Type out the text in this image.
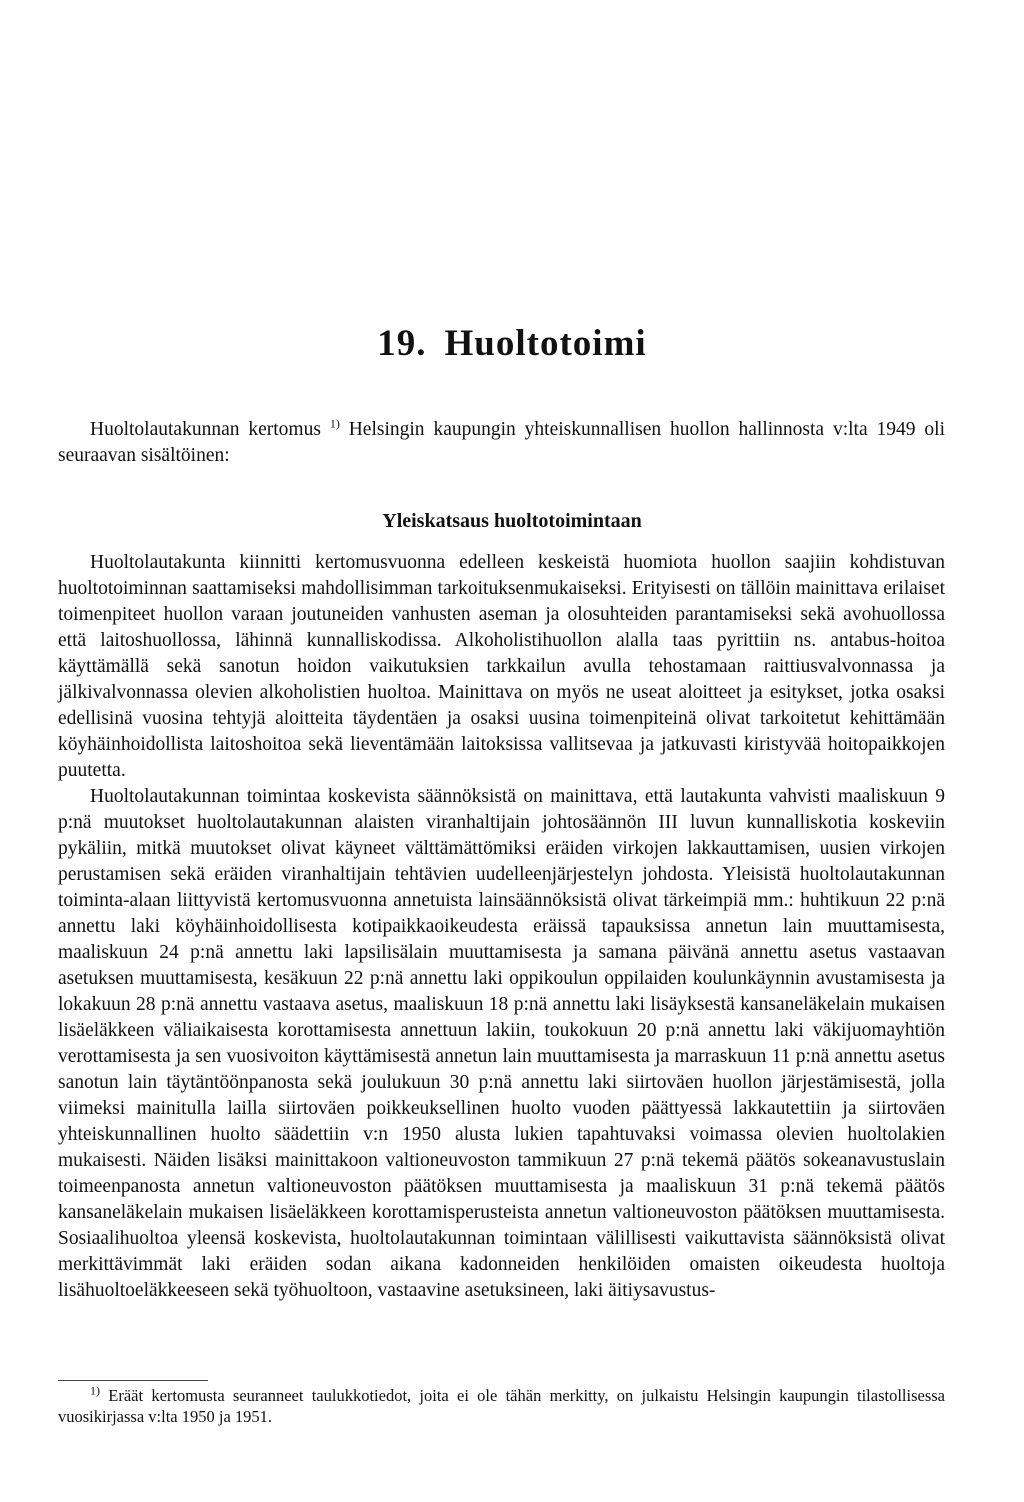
19. Huoltotoimi

Huoltolautakunnan kertomus $^{1)}$ Helsingin kaupungin yhteiskunnallisen huollon hallinnosta v:lta 1949 oli seuraavan sisältöinen:

Yleiskatsaus huoltotoimintaan

Huoltolautakunta kiinnitti kertomusvuonna edelleen keskeistä huomiota huollon saajiin kohdistuvan huoltotoiminnan saattamiseksi mahdollisimman tarkoituksenmukaiseksi. Erityisesti on tällöin mainittava erilaiset toimenpiteet huollon varaan joutuneiden vanhusten aseman ja olosuhteiden parantamiseksi sekä avohuollossa että laitoshuollossa, lähinnä kunnalliskodissa. Alkoholistihuollon alalla taas pyrittiin ns. antabus-hoitoa käyttämällä sekä sanotun hoidon vaikutuksien tarkkailun avulla tehostamaan raittiusvalvonnassa ja jälkivalvonnassa olevien alkoholistien huoltoa. Mainittava on myös ne useat aloitteet ja esitykset, jotka osaksi edellisinä vuosina tehtyjä aloitteita täydentäen ja osaksi uusina toimenpiteinä olivat tarkoitetut kehittämään köyhäinhoidollista laitoshoitoa sekä lieventämään laitoksissa vallitsevaa ja jatkuvasti kiristyvää hoitopaikkojen puutetta.

Huoltolautakunnan toimintaa koskevista säännöksistä on mainittava, että lautakunta vahvisti maaliskuun 9 p:nä muutokset huoltolautakunnan alaisten viranhaltijain johtosäännön III luvun kunnalliskotia koskeviin pykäliin, mitkä muutokset olivat käyneet välttämättömiksi eräiden virkojen lakkauttamisen, uusien virkojen perustamisen sekä eräiden viranhaltijain tehtävien uudelleenjärjestelyn johdosta. Yleisistä huoltolautakunnan toiminta-alaan liittyvistä kertomusvuonna annetuista lainsäännöksistä olivat tärkeimpiä mm.: huhtikuun 22 p:nä annettu laki köyhäinhoidollisesta kotipaikkaoikeudesta eräissä tapauksissa annetun lain muuttamisesta, maaliskuun 24 p:nä annettu laki lapsilisälain muuttamisesta ja samana päivänä annettu asetus vastaavan asetuksen muuttamisesta, kesäkuun 22 p:nä annettu laki oppikoulun oppilaiden koulunkäynnin avustamisesta ja lokakuun 28 p:nä annettu vastaava asetus, maaliskuun 18 p:nä annettu laki lisäyksestä kansaneläkelain mukaisen lisäeläkkeen väliaikaisesta korottamisesta annettuun lakiin, toukokuun 20 p:nä annettu laki väkijuomayhtiön verottamisesta ja sen vuosivoiton käyttämisestä annetun lain muuttamisesta ja marraskuun 11 p:nä annettu asetus sanotun lain täytäntöönpanosta sekä joulukuun 30 p:nä annettu laki siirtoväen huollon järjestämisestä, jolla viimeksi mainitulla lailla siirtoväen poikkeuksellinen huolto vuoden päättyessä lakkautettiin ja siirtoväen yhteiskunnallinen huolto säädettiin v:n 1950 alusta lukien tapahtuvaksi voimassa olevien huoltolakien mukaisesti. Näiden lisäksi mainittakoon valtioneuvoston tammikuun 27 p:nä tekemä päätös sokeanavustuslain toimeenpanosta annetun valtioneuvoston päätöksen muuttamisesta ja maaliskuun 31 p:nä tekemä päätös kansaneläkelain mukaisen lisäeläkkeen korottamisperusteista annetun valtioneuvoston päätöksen muuttamisesta. Sosiaalihuoltoa yleensä koskevista, huoltolautakunnan toimintaan välillisesti vaikuttavista säännöksistä olivat merkittävimmät laki eräiden sodan aikana kadonneiden henkilöiden omaisten oikeudesta huoltoja lisähuoltoeläkkeeseen sekä työhuoltoon, vastaavine asetuksineen, laki äitiysavustus-

$^{1)}$ Eräät kertomusta seuranneet taulukkotiedot, joita ei ole tähän merkitty, on julkaistu Helsingin kaupungin tilastollisessa vuosikirjassa v:lta 1950 ja 1951.
